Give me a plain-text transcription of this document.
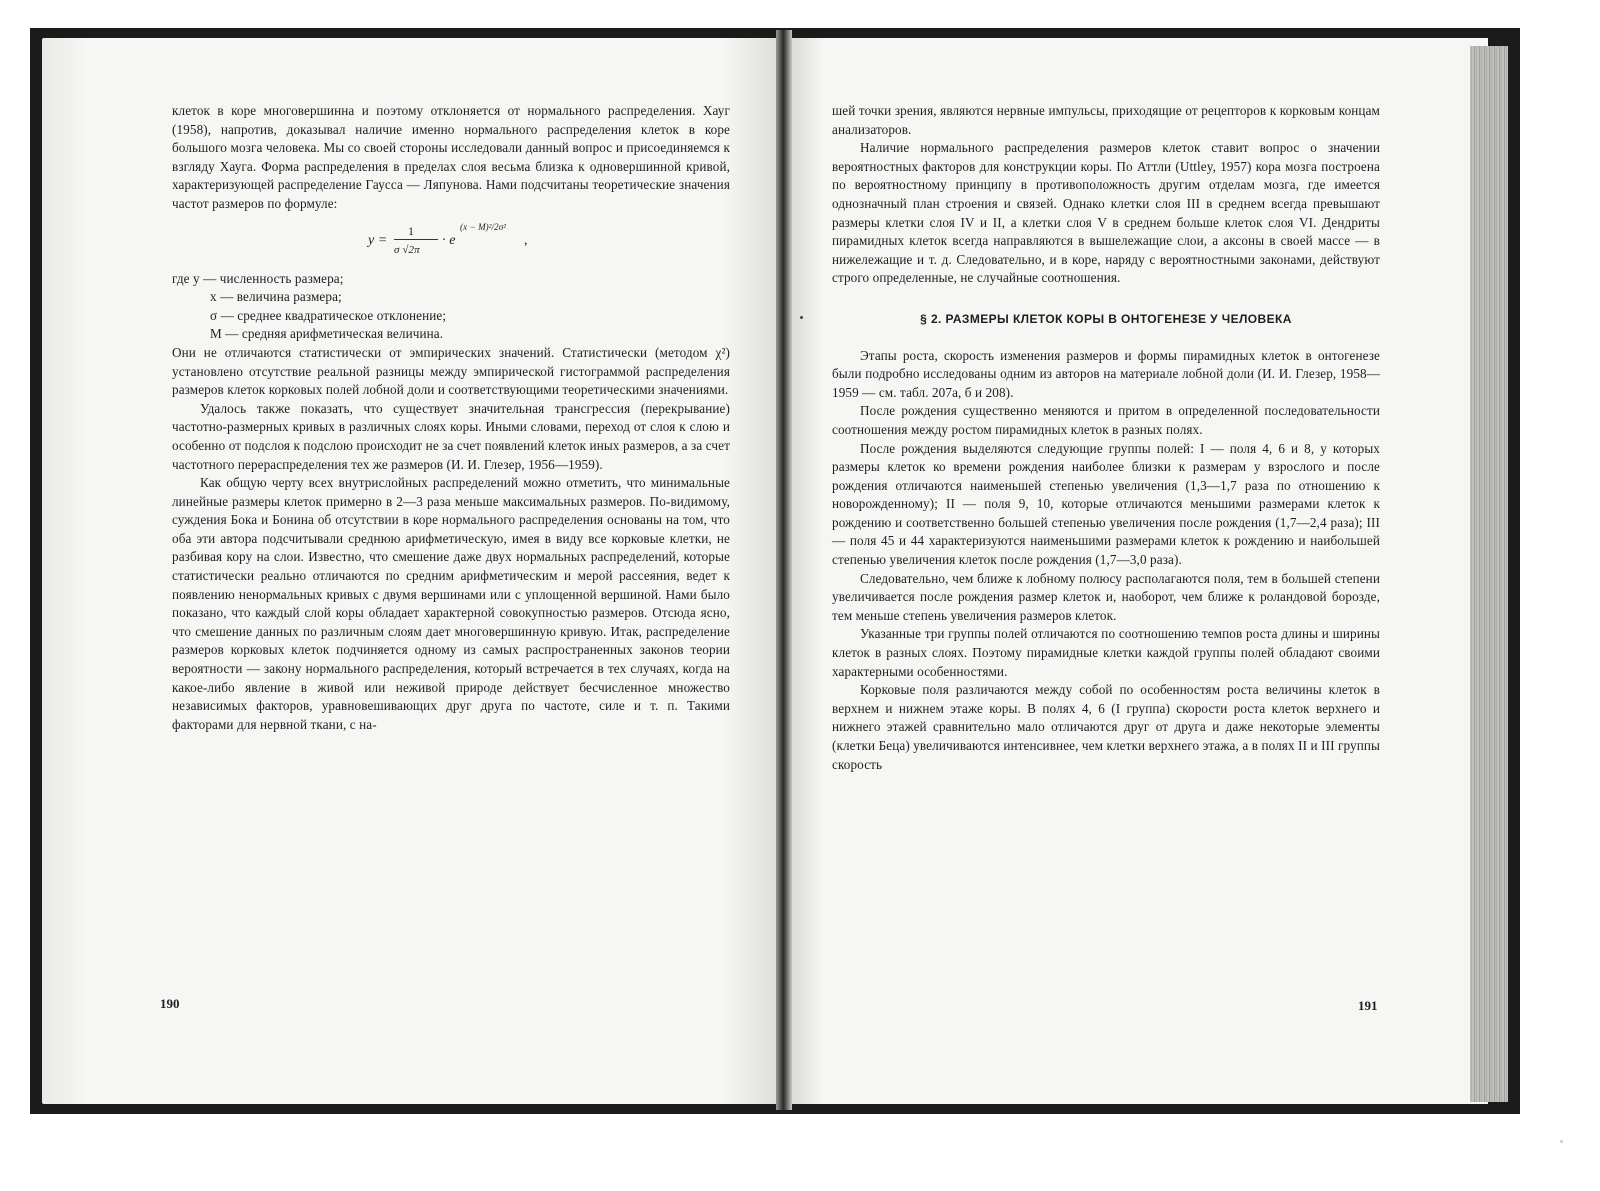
клеток в коре многовершинна и поэтому отклоняется от нормального распределения. Хауг (1958), напротив, доказывал наличие именно нормального распределения клеток в коре большого мозга человека. Мы со своей стороны исследовали данный вопрос и присоединяемся к взгляду Хауга. Форма распределения в пределах слоя весьма близка к одновершинной кривой, характеризующей распределение Гаусса — Ляпунова. Нами подсчитаны теоретические значения частот размеров по формуле:

y =
1
σ √2π
· e
(x − M)²/2σ²
,
где y — численность размера;
x — величина размера;
σ — среднее квадратическое отклонение;
M — средняя арифметическая величина.

Они не отличаются статистически от эмпирических значений. Статистически (методом χ²) установлено отсутствие реальной разницы между эмпирической гистограммой распределения размеров клеток корковых полей лобной доли и соответствующими теоретическими значениями.

Удалось также показать, что существует значительная трансгрессия (перекрывание) частотно-размерных кривых в различных слоях коры. Иными словами, переход от слоя к слою и особенно от подслоя к подслою происходит не за счет появлений клеток иных размеров, а за счет частотного перераспределения тех же размеров (И. И. Глезер, 1956—1959).

Как общую черту всех внутрислойных распределений можно отметить, что минимальные линейные размеры клеток примерно в 2—3 раза меньше максимальных размеров. По-видимому, суждения Бока и Бонина об отсутствии в коре нормального распределения основаны на том, что оба эти автора подсчитывали среднюю арифметическую, имея в виду все корковые клетки, не разбивая кору на слои. Известно, что смешение даже двух нормальных распределений, которые статистически реально отличаются по средним арифметическим и мерой рассеяния, ведет к появлению ненормальных кривых с двумя вершинами или с уплощенной вершиной. Нами было показано, что каждый слой коры обладает характерной совокупностью размеров. Отсюда ясно, что смешение данных по различным слоям дает многовершинную кривую. Итак, распределение размеров корковых клеток подчиняется одному из самых распространенных законов теории вероятности — закону нормального распределения, который встречается в тех случаях, когда на какое-либо явление в живой или неживой природе действует бесчисленное множество независимых факторов, уравновешивающих друг друга по частоте, силе и т. п. Такими факторами для нервной ткани, с на-

190

шей точки зрения, являются нервные импульсы, приходящие от рецепторов к корковым концам анализаторов.

Наличие нормального распределения размеров клеток ставит вопрос о значении вероятностных факторов для конструкции коры. По Аттли (Uttley, 1957) кора мозга построена по вероятностному принципу в противоположность другим отделам мозга, где имеется однозначный план строения и связей. Однако клетки слоя III в среднем всегда превышают размеры клетки слоя IV и II, а клетки слоя V в среднем больше клеток слоя VI. Дендриты пирамидных клеток всегда направляются в вышележащие слои, а аксоны в своей массе — в нижележащие и т. д. Следовательно, и в коре, наряду с вероятностными законами, действуют строго определенные, не случайные соотношения.

§ 2. РАЗМЕРЫ КЛЕТОК КОРЫ В ОНТОГЕНЕЗЕ У ЧЕЛОВЕКА

Этапы роста, скорость изменения размеров и формы пирамидных клеток в онтогенезе были подробно исследованы одним из авторов на материале лобной доли (И. И. Глезер, 1958—1959 — см. табл. 207а, б и 208).

После рождения существенно меняются и притом в определенной последовательности соотношения между ростом пирамидных клеток в разных полях.

После рождения выделяются следующие группы полей: I — поля 4, 6 и 8, у которых размеры клеток ко времени рождения наиболее близки к размерам у взрослого и после рождения отличаются наименьшей степенью увеличения (1,3—1,7 раза по отношению к новорожденному); II — поля 9, 10, которые отличаются меньшими размерами клеток к рождению и соответственно большей степенью увеличения после рождения (1,7—2,4 раза); III — поля 45 и 44 характеризуются наименьшими размерами клеток к рождению и наибольшей степенью увеличения клеток после рождения (1,7—3,0 раза).

Следовательно, чем ближе к лобному полюсу располагаются поля, тем в большей степени увеличивается после рождения размер клеток и, наоборот, чем ближе к роландовой борозде, тем меньше степень увеличения размеров клеток.

Указанные три группы полей отличаются по соотношению темпов роста длины и ширины клеток в разных слоях. Поэтому пирамидные клетки каждой группы полей обладают своими характерными особенностями.

Корковые поля различаются между собой по особенностям роста величины клеток в верхнем и нижнем этаже коры. В полях 4, 6 (I группа) скорости роста клеток верхнего и нижнего этажей сравнительно мало отличаются друг от друга и даже некоторые элементы (клетки Беца) увеличиваются интенсивнее, чем клетки верхнего этажа, а в полях II и III группы скорость

191
